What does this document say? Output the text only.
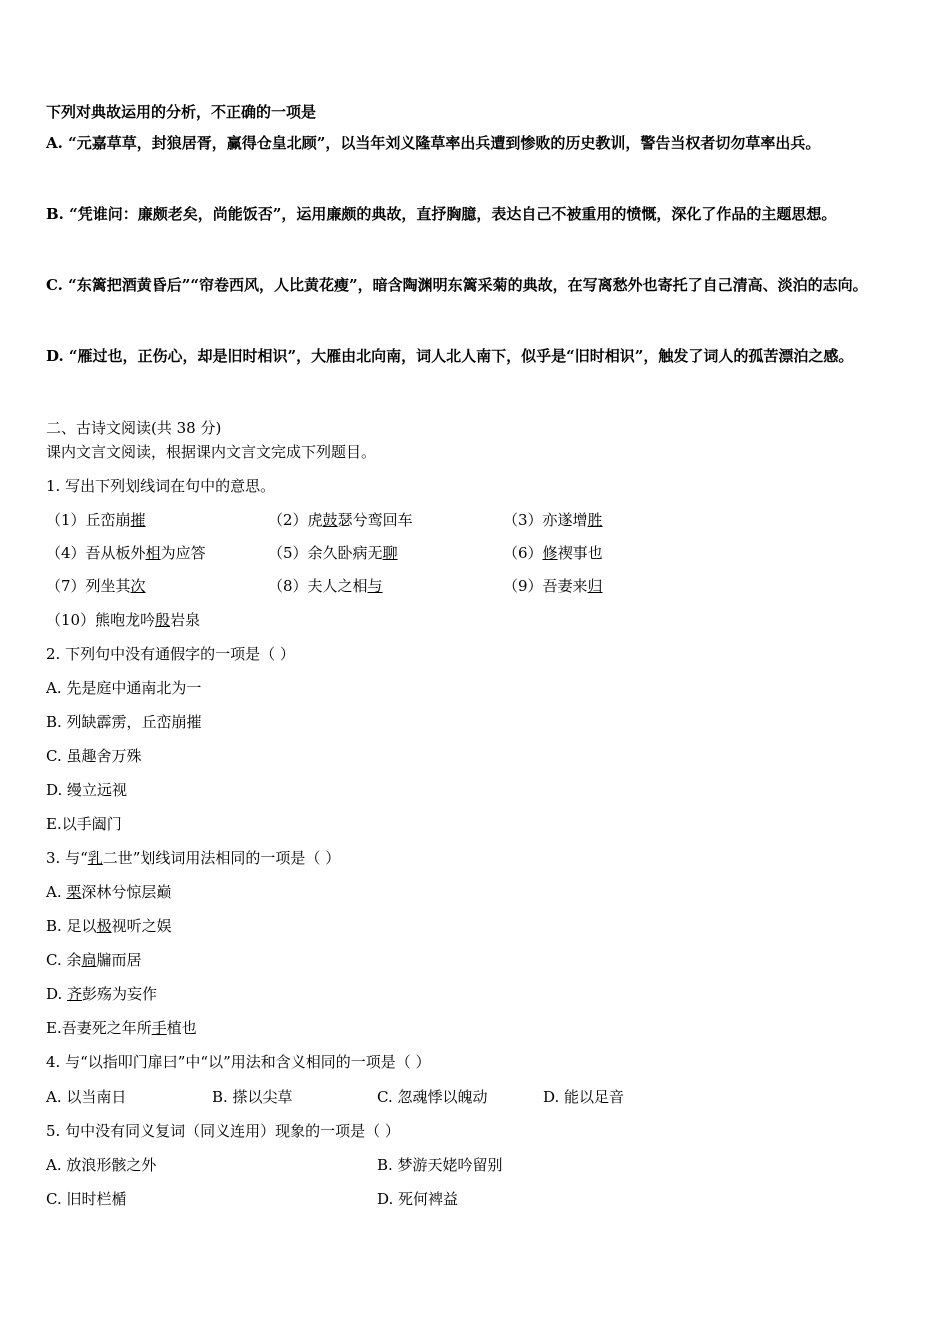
下列对典故运用的分析，不正确的一项是
A. “元嘉草草，封狼居胥，赢得仓皇北顾”，以当年刘义隆草率出兵遭到惨败的历史教训，警告当权者切勿草率出兵。
B. “凭谁问：廉颇老矣，尚能饭否”，运用廉颇的典故，直抒胸臆，表达自己不被重用的愤慨，深化了作品的主题思想。
C. “东篱把酒黄昏后”“帘卷西风，人比黄花瘦”，暗含陶渊明东篱采菊的典故，在写离愁外也寄托了自己清高、淡泊的志向。
D. “雁过也，正伤心，却是旧时相识”，大雁由北向南，词人北人南下，似乎是“旧时相识”，触发了词人的孤苦漂泊之感。
二、古诗文阅读(共 38 分)
课内文言文阅读，根据课内文言文完成下列题目。
1. 写出下列划线词在句中的意思。
（1）丘峦崩摧	（2）虎鼓瑟兮鸾回车	（3）亦遂增胜
（4）吾从板外相为应答	（5）余久卧病无聊	（6）修禊事也
（7）列坐其次	（8）夫人之相与	（9）吾妻来归
（10）熊咆龙吟殷岩泉
2. 下列句中没有通假字的一项是（ ）
A. 先是庭中通南北为一
B. 列缺霹雳，丘峦崩摧
C. 虽趣舍万殊
D. 缦立远视
E.以手阖门
3. 与“乳二世”划线词用法相同的一项是（ ）
A. 栗深林兮惊层巅
B. 足以极视听之娱
C. 余扃牖而居
D. 齐彭殇为妄作
E.吾妻死之年所手植也
4. 与“以指叩门扉曰”中“以”用法和含义相同的一项是（ ）
A. 以当南日	B. 搽以尖草	C. 忽魂悸以魄动	D. 能以足音
5. 句中没有同义复词（同义连用）现象的一项是（ ）
A. 放浪形骸之外	B. 梦游天姥吟留别
C. 旧时栏楯	D. 死何裨益
